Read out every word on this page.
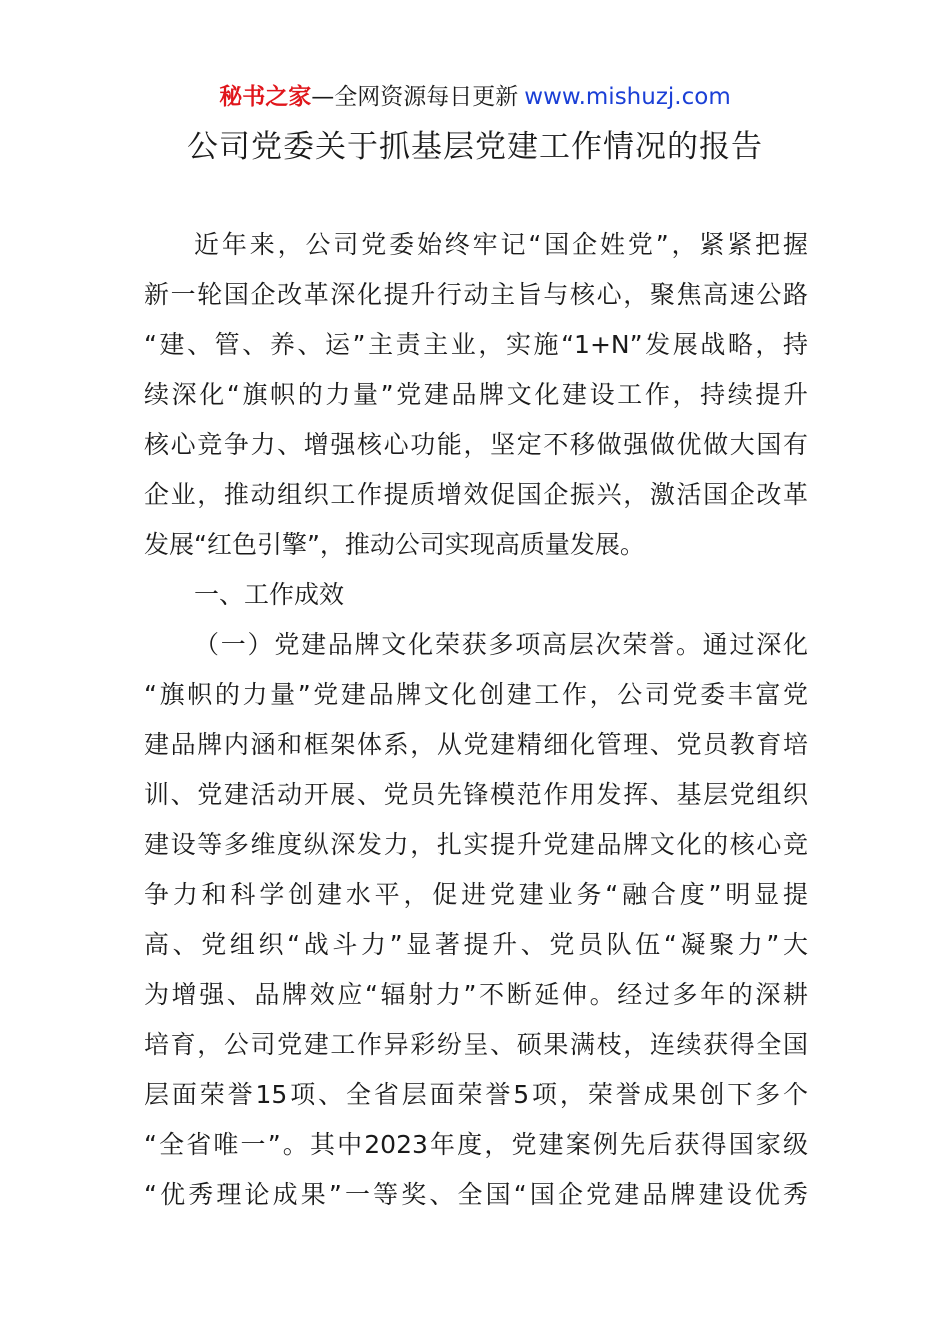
秘书之家—全网资源每日更新 www.mishuzj.com
公司党委关于抓基层党建工作情况的报告
近年来，公司党委始终牢记“国企姓党”，紧紧把握
新一轮国企改革深化提升行动主旨与核心，聚焦高速公路
“建、管、养、运”主责主业，实施“1+N”发展战略，持
续深化“旗帜的力量”党建品牌文化建设工作，持续提升
核心竞争力、增强核心功能，坚定不移做强做优做大国有
企业，推动组织工作提质增效促国企振兴，激活国企改革
发展“红色引擎”，推动公司实现高质量发展。
一、工作成效
（一）党建品牌文化荣获多项高层次荣誉。通过深化
“旗帜的力量”党建品牌文化创建工作，公司党委丰富党
建品牌内涵和框架体系，从党建精细化管理、党员教育培
训、党建活动开展、党员先锋模范作用发挥、基层党组织
建设等多维度纵深发力，扎实提升党建品牌文化的核心竞
争力和科学创建水平，促进党建业务“融合度”明显提
高、党组织“战斗力”显著提升、党员队伍“凝聚力”大
为增强、品牌效应“辐射力”不断延伸。经过多年的深耕
培育，公司党建工作异彩纷呈、硕果满枝，连续获得全国
层面荣誉15项、全省层面荣誉5项，荣誉成果创下多个
“全省唯一”。其中2023年度，党建案例先后获得国家级
“优秀理论成果”一等奖、全国“国企党建品牌建设优秀
